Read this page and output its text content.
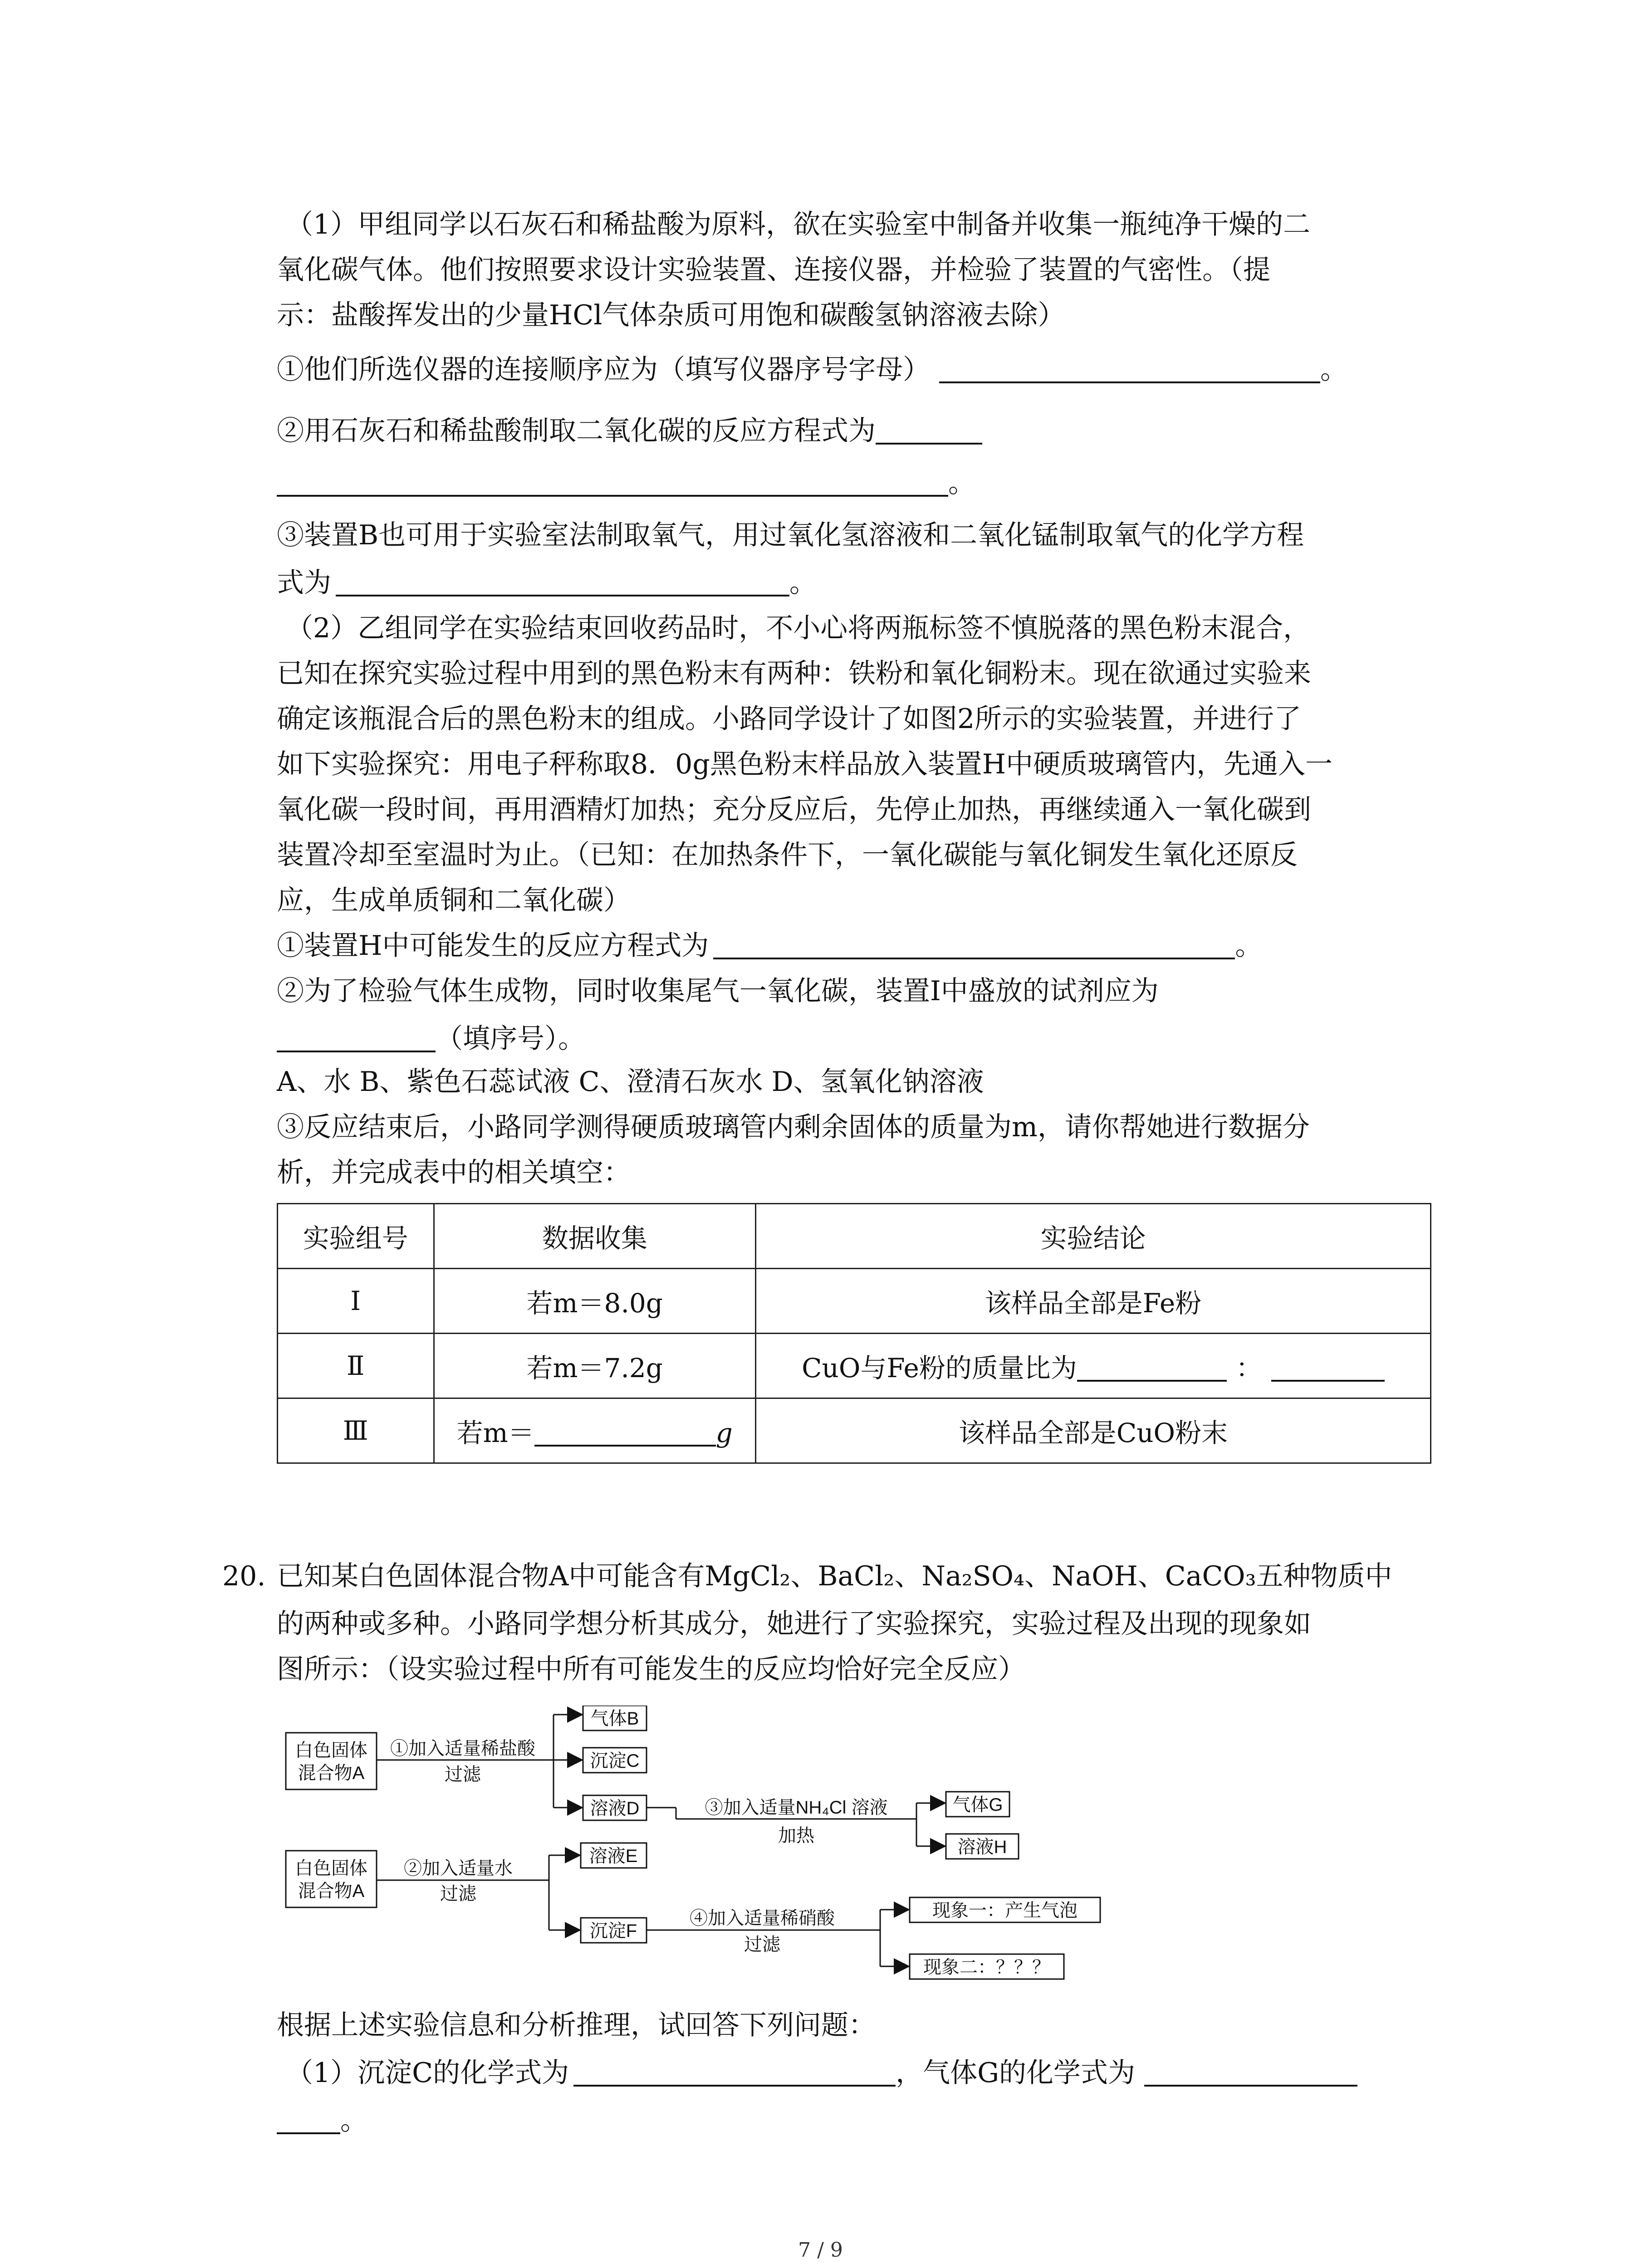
（1）甲组同学以石灰石和稀盐酸为原料，欲在实验室中制备并收集一瓶纯净干燥的二
氧化碳气体。他们按照要求设计实验装置、连接仪器，并检验了装置的气密性。（提
示：盐酸挥发出的少量HCl气体杂质可用饱和碳酸氢钠溶液去除）
①他们所选仪器的连接顺序应为（填写仪器序号字母）	。
②用石灰石和稀盐酸制取二氧化碳的反应方程式为
。
③装置B也可用于实验室法制取氧气，用过氧化氢溶液和二氧化锰制取氧气的化学方程
式为	。
（2）乙组同学在实验结束回收药品时，不小心将两瓶标签不慎脱落的黑色粉末混合，
已知在探究实验过程中用到的黑色粉末有两种：铁粉和氧化铜粉末。现在欲通过实验来
确定该瓶混合后的黑色粉末的组成。小路同学设计了如图2所示的实验装置，并进行了
如下实验探究：用电子秤称取8．0g黑色粉末样品放入装置H中硬质玻璃管内，先通入一
氧化碳一段时间，再用酒精灯加热；充分反应后，先停止加热，再继续通入一氧化碳到
装置冷却至室温时为止。（已知：在加热条件下，一氧化碳能与氧化铜发生氧化还原反
应，生成单质铜和二氧化碳）
①装置H中可能发生的反应方程式为	。
②为了检验气体生成物，同时收集尾气一氧化碳，装置I中盛放的试剂应为
（填序号）。
A、水 B、紫色石蕊试液 C、澄清石灰水 D、氢氧化钠溶液
③反应结束后，小路同学测得硬质玻璃管内剩余固体的质量为m，请你帮她进行数据分
析，并完成表中的相关填空：
实验组号	数据收集	实验结论
Ⅰ	若m＝8.0g	该样品全部是Fe粉
Ⅱ	若m＝7.2g	CuO与Fe粉的质量比为 ：
Ⅲ	若m＝ g	该样品全部是CuO粉末
20. 已知某白色固体混合物A中可能含有MgCl₂、BaCl₂、Na₂SO₄、NaOH、CaCO₃五种物质中
的两种或多种。小路同学想分析其成分，她进行了实验探究，实验过程及出现的现象如
图所示：（设实验过程中所有可能发生的反应均恰好完全反应）
白色固体
混合物A
①加入适量稀盐酸
过滤
气体B
沉淀C
溶液D	③加入适量NH₄Cl 溶液
加热
气体G
溶液H
白色固体
混合物A
②加入适量水
过滤
溶液E
沉淀F
④加入适量稀硝酸
过滤
现象一：产生气泡
现象二：？？？
根据上述实验信息和分析推理，试回答下列问题：
（1）沉淀C的化学式为	，气体G的化学式为
。
7 / 9
